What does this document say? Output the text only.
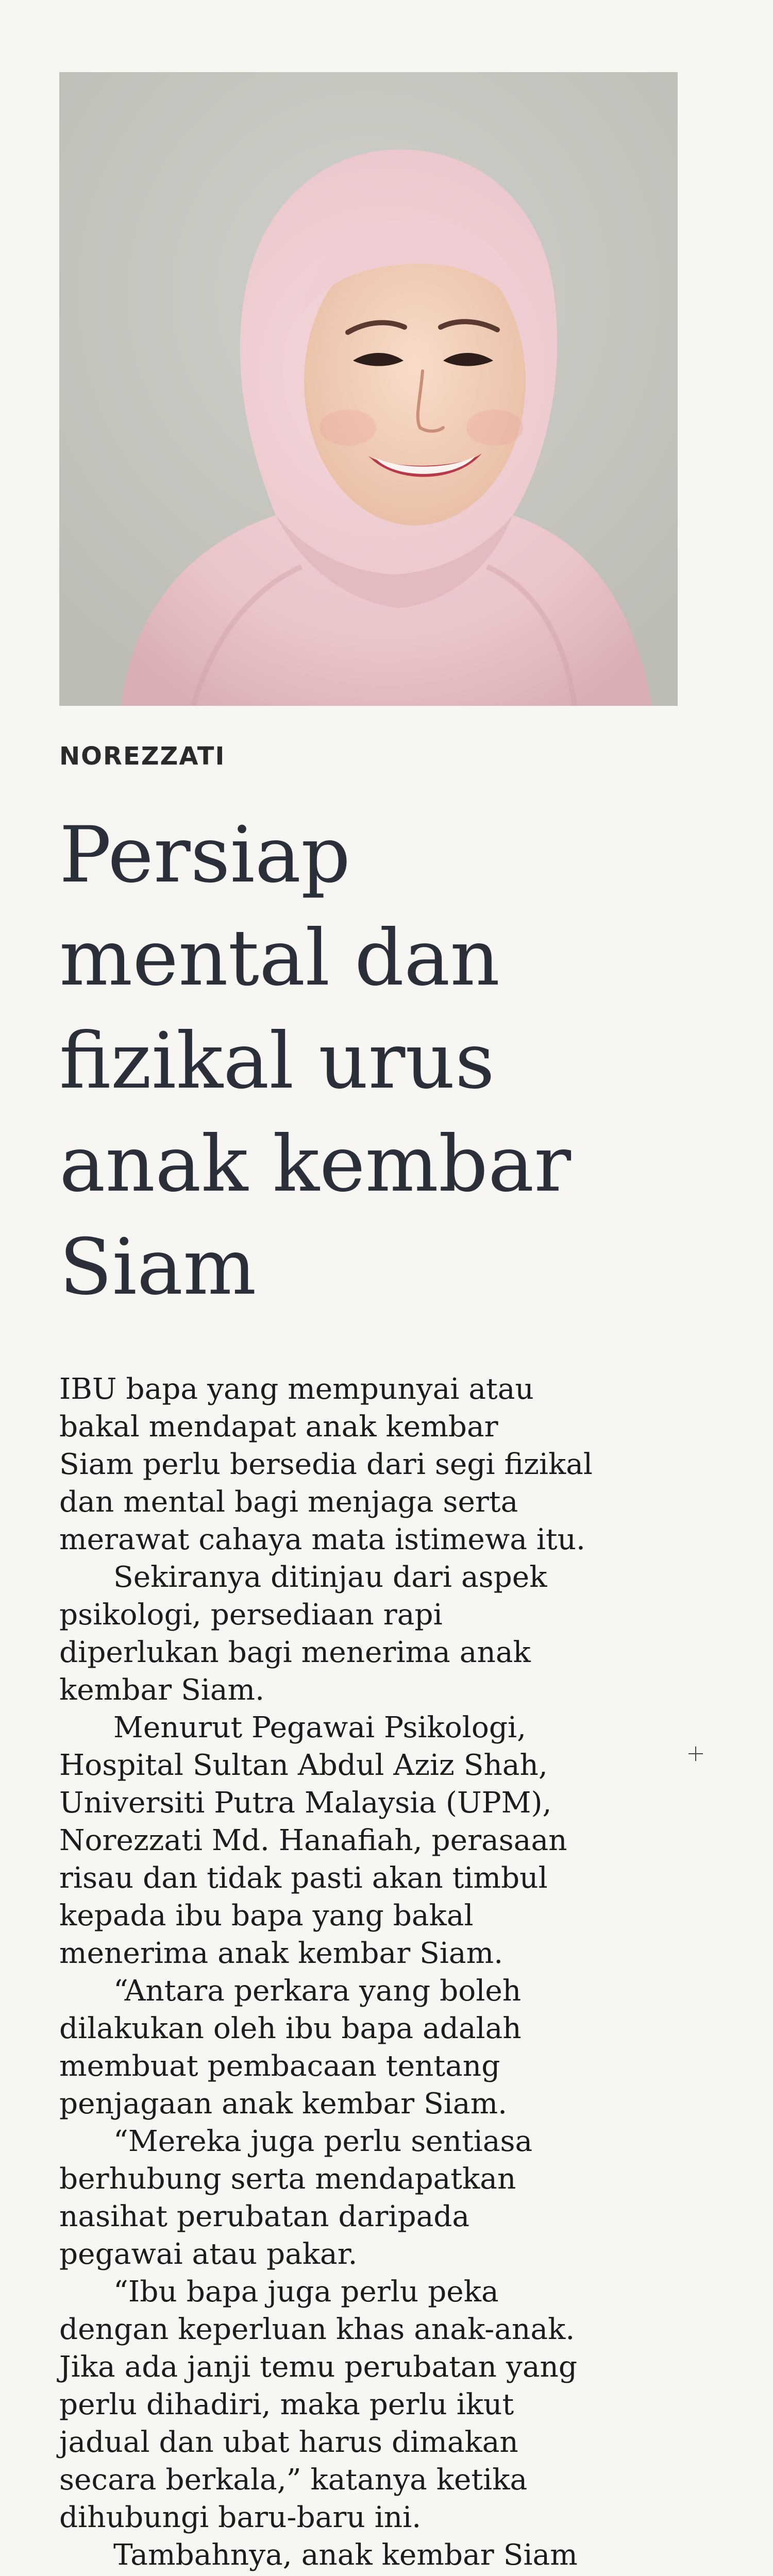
NOREZZATI
Persiap
mental dan
fizikal urus
anak kembar
Siam
IBU bapa yang mempunyai atau
bakal mendapat anak kembar
Siam perlu bersedia dari segi fizikal
dan mental bagi menjaga serta
merawat cahaya mata istimewa itu.
Sekiranya ditinjau dari aspek
psikologi, persediaan rapi
diperlukan bagi menerima anak
kembar Siam.
Menurut Pegawai Psikologi,
Hospital Sultan Abdul Aziz Shah,
Universiti Putra Malaysia (UPM),
Norezzati Md. Hanafiah, perasaan
risau dan tidak pasti akan timbul
kepada ibu bapa yang bakal
menerima anak kembar Siam.
“Antara perkara yang boleh
dilakukan oleh ibu bapa adalah
membuat pembacaan tentang
penjagaan anak kembar Siam.
“Mereka juga perlu sentiasa
berhubung serta mendapatkan
nasihat perubatan daripada
pegawai atau pakar.
“Ibu bapa juga perlu peka
dengan keperluan khas anak-anak.
Jika ada janji temu perubatan yang
perlu dihadiri, maka perlu ikut
jadual dan ubat harus dimakan
secara berkala,” katanya ketika
dihubungi baru-baru ini.
Tambahnya, anak kembar Siam
